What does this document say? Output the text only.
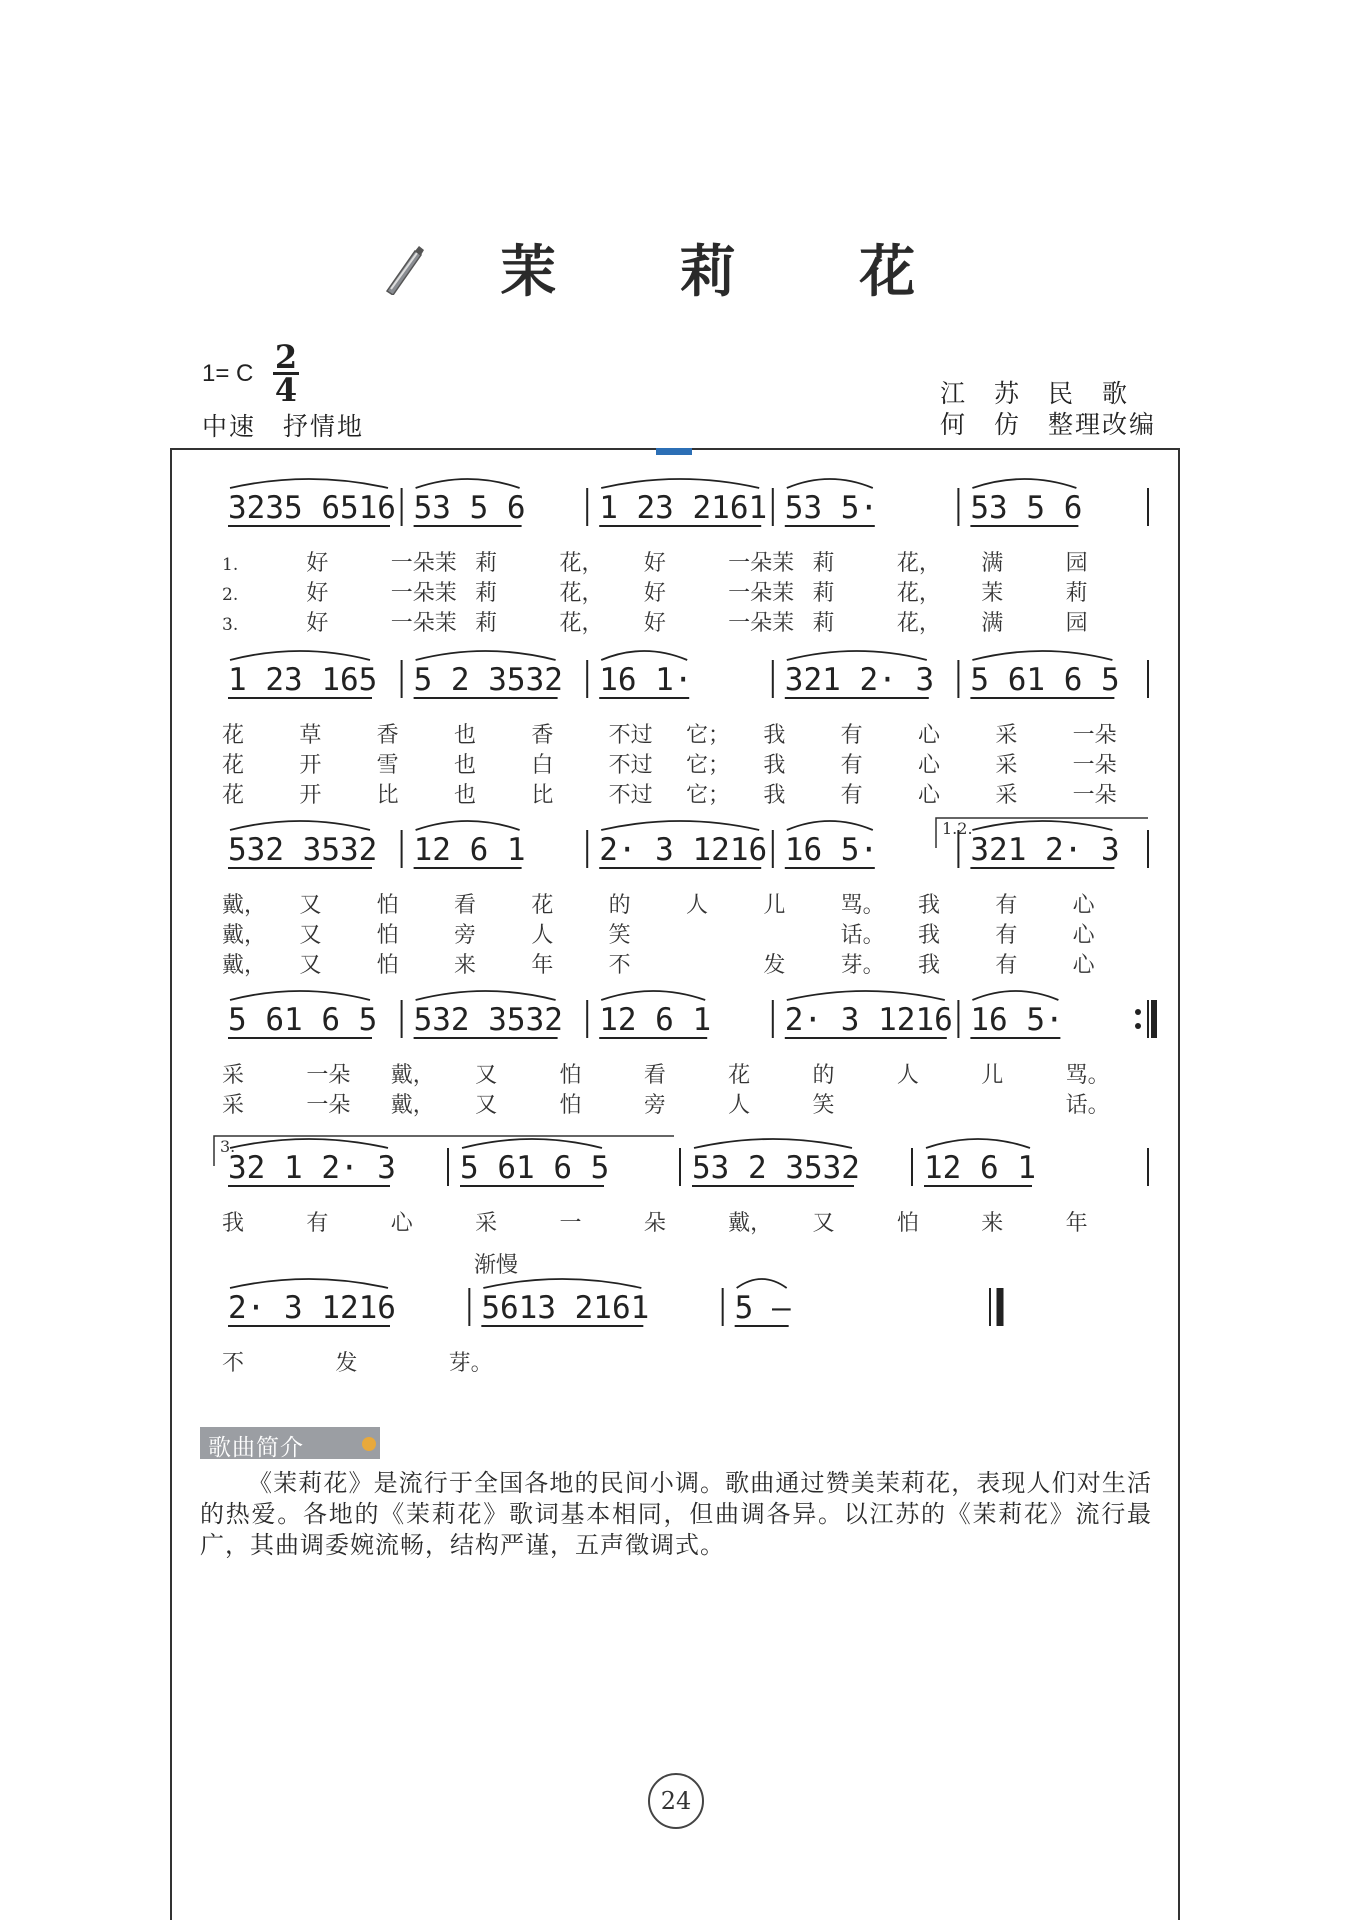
茉 莉 花
1= C $\frac{2}{4}$
中速　抒情地
江　苏　民　歌
何　仿　整理改编
3235 6516 53 5 6 1 23 2161 53 5·	53 5 6
1.	好	一朵茉 莉	花， 好	一朵茉 莉	花， 满	园
2.	好	一朵茉 莉	花， 好	一朵茉 莉	花， 茉	莉
3.	好	一朵茉 莉	花， 好	一朵茉 莉	花， 满	园
1 23 165 5 2 3532 16 1·	321 2· 3 5 61 6 5
花	草	香	也	香	不过 它； 我	有	心	采	一朵
花	开	雪	也	白	不过 它； 我	有	心	采	一朵
花	开	比	也	比	不过 它； 我	有	心	采	一朵
1.2.
532 3532 12 6 1 2· 3 1216 16 5·	321 2· 3
戴， 又	怕	看	花	的	人	儿	骂。 我	有	心
戴， 又	怕	旁	人	笑	话。 我	有	心
戴， 又	怕	来	年	不	发	芽。 我	有	心
5 61 6 5 532 3532 12 6 1 2· 3 1216 16 5·
采	一朵 戴， 又	怕	看	花	的	人	儿	骂。
采	一朵 戴， 又	怕	旁	人	笑	话。
3.
32 1 2· 3 5 61 6 5	53 2 3532 12 6 1
我	有	心	采	一	朵	戴， 又	怕	来	年
渐慢
2· 3 1216	5613 2161	5 —
不	发	芽。
歌曲简介
《茉莉花》是流行于全国各地的民间小调。歌曲通过赞美茉莉花，表现人们对生活的热爱。各地的《茉莉花》歌词基本相同，但曲调各异。以江苏的《茉莉花》流行最广，其曲调委婉流畅，结构严谨，五声徵调式。
24
